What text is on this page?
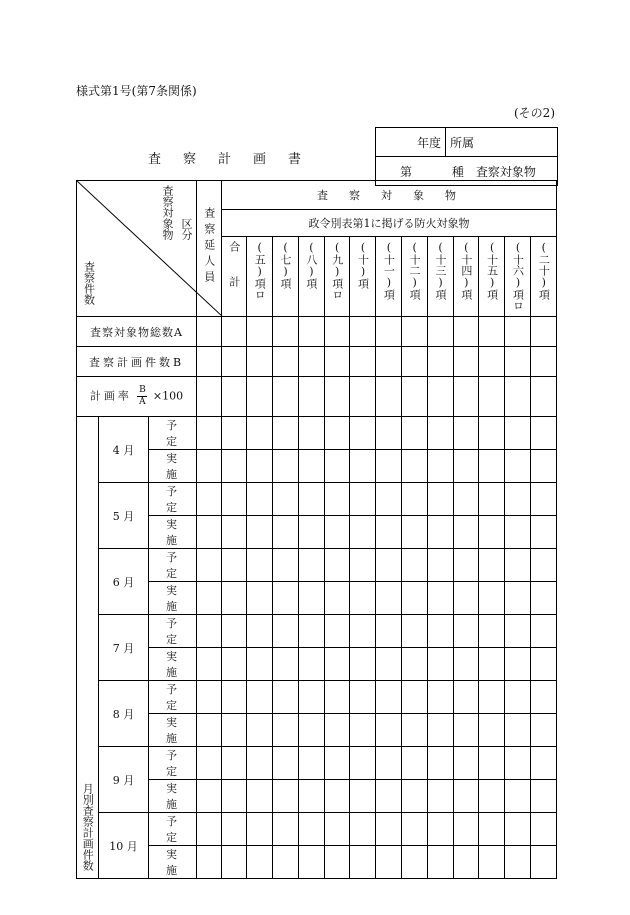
様式第1号(第7条関係)
(その2)
査察計画書
年度	所属
第	種　査察対象物
査察対象物 区分
査察件数			査察延人員	査　察　対　象　物												
				政令別表第1に掲げる防火対象物												
				合計	(五)項ロ	(七)項	(八)項	(九)項ロ	(十)項	(十一)項	(十二)項	(十三)項	(十四)項	(十五)項	(十六)項ロ	(二十)項
査察対象物総数A																
査察計画件数B																
計画率 $\frac{B}{A} \times 100$																
月別査察計画件数	4 月	予定														
		実施														
	5 月	予定														
		実施														
	6 月	予定														
		実施														
	7 月	予定														
		実施														
	8 月	予定														
		実施														
	9 月	予定														
		実施														
	10 月	予定														
		実施														
